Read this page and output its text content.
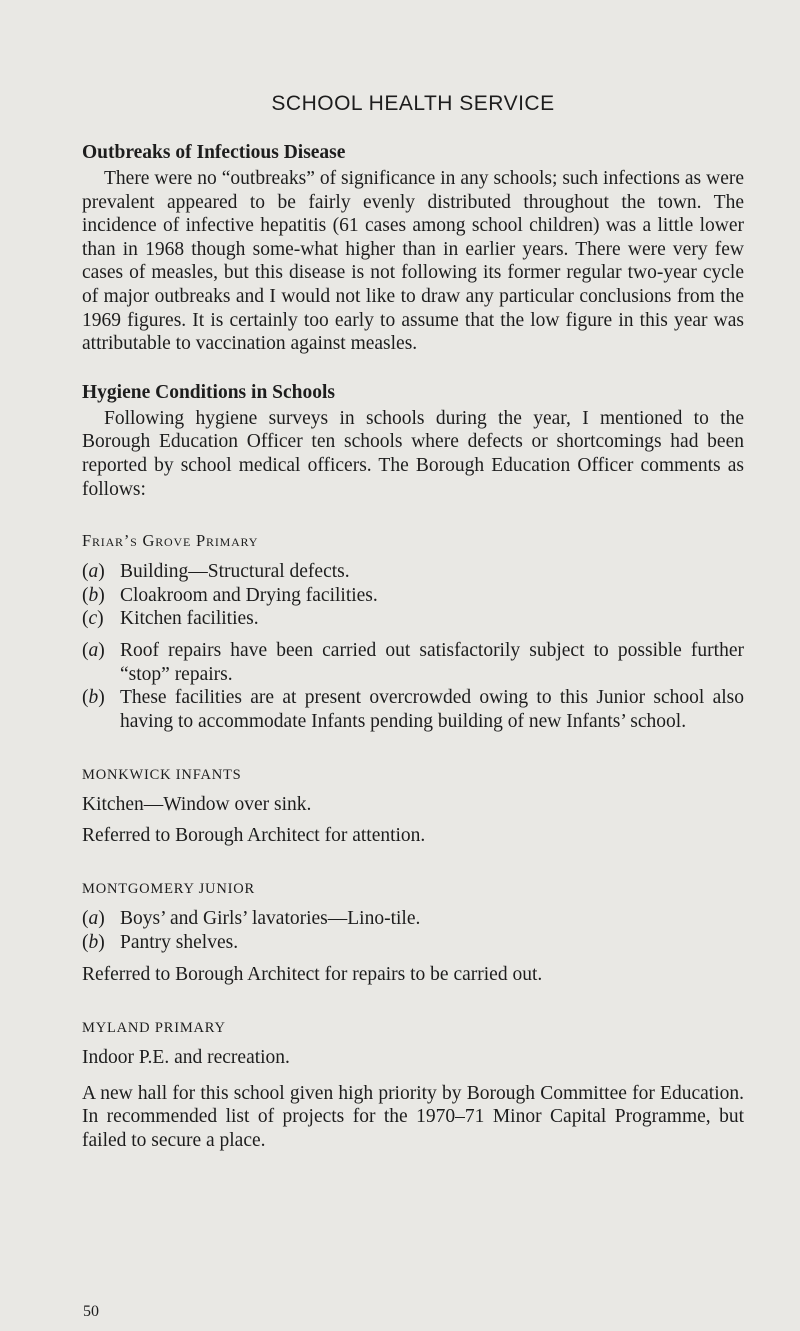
SCHOOL HEALTH SERVICE
Outbreaks of Infectious Disease

There were no “outbreaks” of significance in any schools; such infections as were prevalent appeared to be fairly evenly distributed throughout the town. The incidence of infective hepatitis (61 cases among school children) was a little lower than in 1968 though some-what higher than in earlier years. There were very few cases of measles, but this disease is not following its former regular two-year cycle of major outbreaks and I would not like to draw any particular conclusions from the 1969 figures. It is certainly too early to assume that the low figure in this year was attributable to vaccination against measles.

Hygiene Conditions in Schools

Following hygiene surveys in schools during the year, I mentioned to the Borough Education Officer ten schools where defects or shortcomings had been reported by school medical officers. The Borough Education Officer comments as follows:

Friar’s Grove Primary
( a )	Building—Structural defects.
( b )	Cloakroom and Drying facilities.
( c )	Kitchen facilities.
( a )	Roof repairs have been carried out satisfactorily subject to possible further “stop” repairs.
( b )	These facilities are at present overcrowded owing to this Junior school also having to accommodate Infants pending building of new Infants’ school.
MONKWICK INFANTS

Kitchen—Window over sink.

Referred to Borough Architect for attention.

MONTGOMERY JUNIOR
( a )	Boys’ and Girls’ lavatories—Lino-tile.
( b )	Pantry shelves.

Referred to Borough Architect for repairs to be carried out.

MYLAND PRIMARY

Indoor P.E. and recreation.

A new hall for this school given high priority by Borough Committee for Education. In recommended list of projects for the 1970–71 Minor Capital Programme, but failed to secure a place.

50
